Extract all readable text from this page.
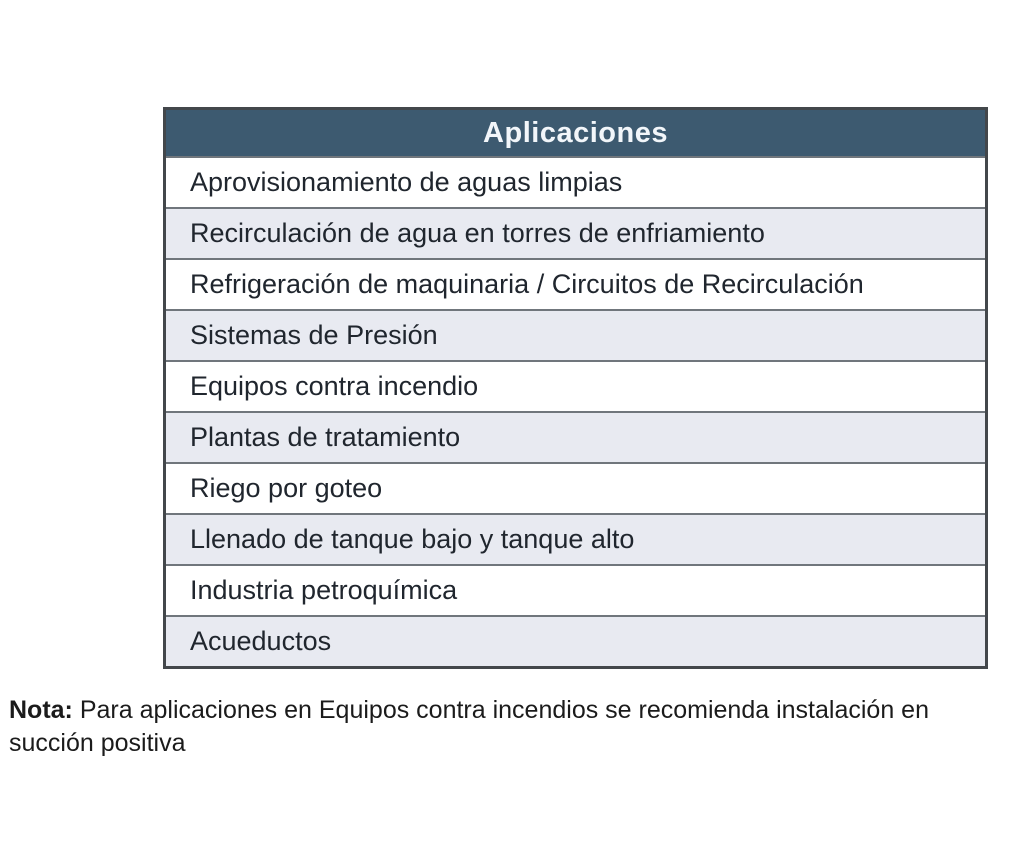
Aplicaciones
Aprovisionamiento de aguas limpias
Recirculación de agua en torres de enfriamiento
Refrigeración de maquinaria / Circuitos de Recirculación
Sistemas de Presión
Equipos contra incendio
Plantas de tratamiento
Riego por goteo
Llenado de tanque bajo y tanque alto
Industria petroquímica
Acueductos

Nota: Para aplicaciones en Equipos contra incendios se recomienda instalación en succión positiva
